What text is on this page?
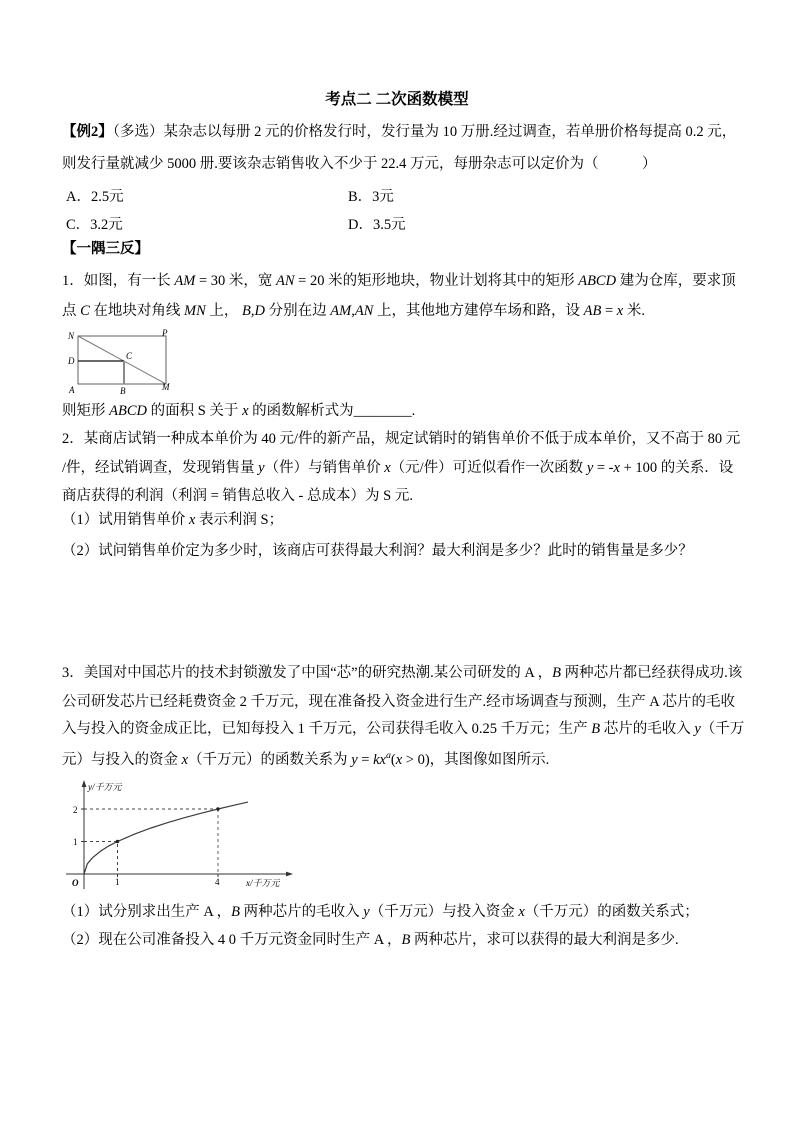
考点二 二次函数模型
【例2】（多选）某杂志以每册 2 元的价格发行时，发行量为 10 万册.经过调查，若单册价格每提高 0.2 元，
则发行量就减少 5000 册.要该杂志销售收入不少于 22.4 万元，每册杂志可以定价为（　　　）
A．2.5元	B．3元
C．3.2元	D．3.5元
【一隅三反】
1．如图，有一长 AM = 30 米，宽 AN = 20 米的矩形地块，物业计划将其中的矩形 ABCD 建为仓库，要求顶
点 C 在地块对角线 MN 上， B,D 分别在边 AM,AN 上，其他地方建停车场和路，设 AB = x 米.
N	P
D	C
A	B	M
则矩形 ABCD 的面积 S 关于 x 的函数解析式为________.
2．某商店试销一种成本单价为 40 元/件的新产品，规定试销时的销售单价不低于成本单价，又不高于 80 元
/件，经试销调查，发现销售量 y（件）与销售单价 x（元/件）可近似看作一次函数 y = -x + 100 的关系．设
商店获得的利润（利润 = 销售总收入 - 总成本）为 S 元.
（1）试用销售单价 x 表示利润 S；
（2）试问销售单价定为多少时，该商店可获得最大利润？最大利润是多少？此时的销售量是多少？
3．美国对中国芯片的技术封锁激发了中国“芯”的研究热潮.某公司研发的 A ，B 两种芯片都已经获得成功.该
公司研发芯片已经耗费资金 2 千万元，现在准备投入资金进行生产.经市场调查与预测，生产 A 芯片的毛收
入与投入的资金成正比，已知每投入 1 千万元，公司获得毛收入 0.25 千万元；生产 B 芯片的毛收入 y（千万
元）与投入的资金 x（千万元）的函数关系为 $y = kx^a(x > 0)$，其图像如图所示.
y/千万元
x/千万元
O	1	4
1
2
（1）试分别求出生产 A ，B 两种芯片的毛收入 y（千万元）与投入资金 x（千万元）的函数关系式；
（2）现在公司准备投入 4 0 千万元资金同时生产 A ，B 两种芯片，求可以获得的最大利润是多少.
